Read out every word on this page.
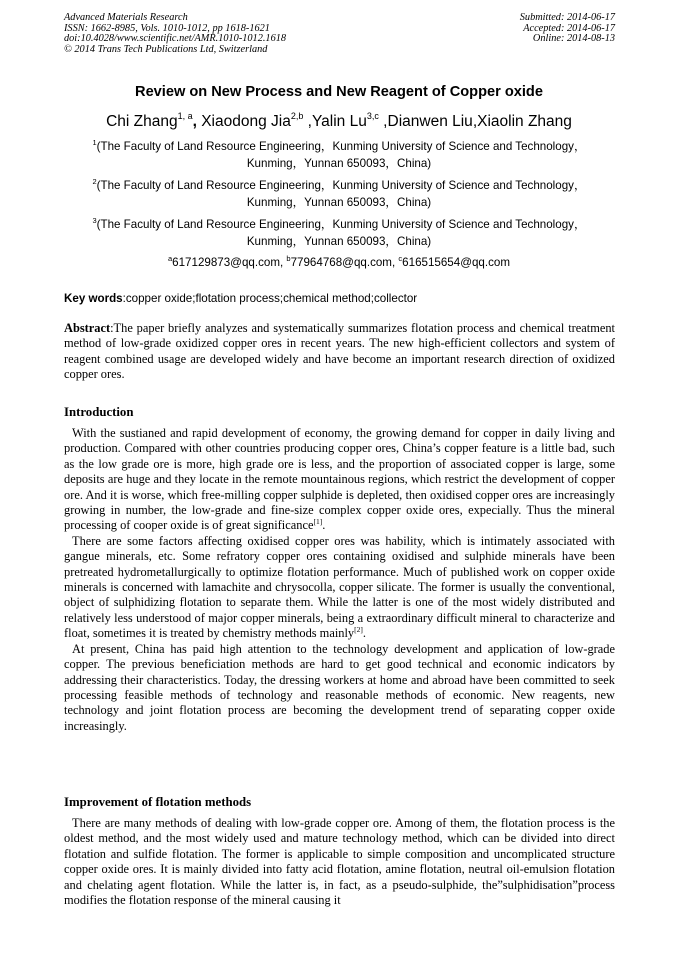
Advanced Materials Research
ISSN: 1662-8985, Vols. 1010-1012, pp 1618-1621
doi:10.4028/www.scientific.net/AMR.1010-1012.1618
© 2014 Trans Tech Publications Ltd, Switzerland
Submitted: 2014-06-17
Accepted: 2014-06-17
Online: 2014-08-13
Review on New Process and New Reagent of Copper oxide
Chi Zhang$^{1, a}$, Xiaodong Jia$^{2,b}$ ,Yalin Lu$^{3,c}$ ,Dianwen Liu,Xiaolin Zhang
$^1$(The Faculty of Land Resource Engineering，Kunming University of Science and Technology，
Kunming，Yunnan 650093，China)
$^2$(The Faculty of Land Resource Engineering，Kunming University of Science and Technology，
Kunming，Yunnan 650093，China)
$^3$(The Faculty of Land Resource Engineering，Kunming University of Science and Technology，
Kunming，Yunnan 650093，China)
$^a$617129873@qq.com, $^b$77964768@qq.com, $^c$616515654@qq.com
Key words:copper oxide;flotation process;chemical method;collector

Abstract:The paper briefly analyzes and systematically summarizes flotation process and chemical treatment method of low-grade oxidized copper ores in recent years. The new high-efficient collectors and system of reagent combined usage are developed widely and have become an important research direction of oxidized copper ores.

Introduction

With the sustianed and rapid development of economy, the growing demand for copper in daily living and production. Compared with other countries producing copper ores, China’s copper feature is a little bad, such as the low grade ore is more, high grade ore is less, and the proportion of associated copper is large, some deposits are huge and they locate in the remote mountainous regions, which restrict the development of copper ore. And it is worse, which free-milling copper sulphide is depleted, then oxidised copper ores are increasingly growing in number, the low-grade and fine-size complex copper oxide ores, expecially. Thus the mineral processing of cooper oxide is of great significance[1].

There are some factors affecting oxidised copper ores was hability, which is intimately associated with gangue minerals, etc. Some refratory copper ores containing oxidised and sulphide minerals have been pretreated hydrometallurgically to optimize flotation performance. Much of published work on copper oxide minerals is concerned with lamachite and chrysocolla, copper silicate. The former is usually the conventional, object of sulphidizing flotation to separate them. While the latter is one of the most widely distributed and relatively less understood of major copper minerals, being a extraordinary difficult mineral to characterize and float, sometimes it is treated by chemistry methods mainly[2].

At present, China has paid high attention to the technology development and application of low-grade copper. The previous beneficiation methods are hard to get good technical and economic indicators by addressing their characteristics. Today, the dressing workers at home and abroad have been committed to seek processing feasible methods of technology and reasonable methods of economic. New reagents, new technology and joint flotation process are becoming the development trend of separating copper oxide increasingly.

Improvement of flotation methods

There are many methods of dealing with low-grade copper ore. Among of them, the flotation process is the oldest method, and the most widely used and mature technology method, which can be divided into direct flotation and sulfide flotation. The former is applicable to simple composition and uncomplicated structure copper oxide ores. It is mainly divided into fatty acid flotation, amine flotation, neutral oil-emulsion flotation and chelating agent flotation. While the latter is, in fact, as a pseudo-sulphide, the”sulphidisation”process modifies the flotation response of the mineral causing it
